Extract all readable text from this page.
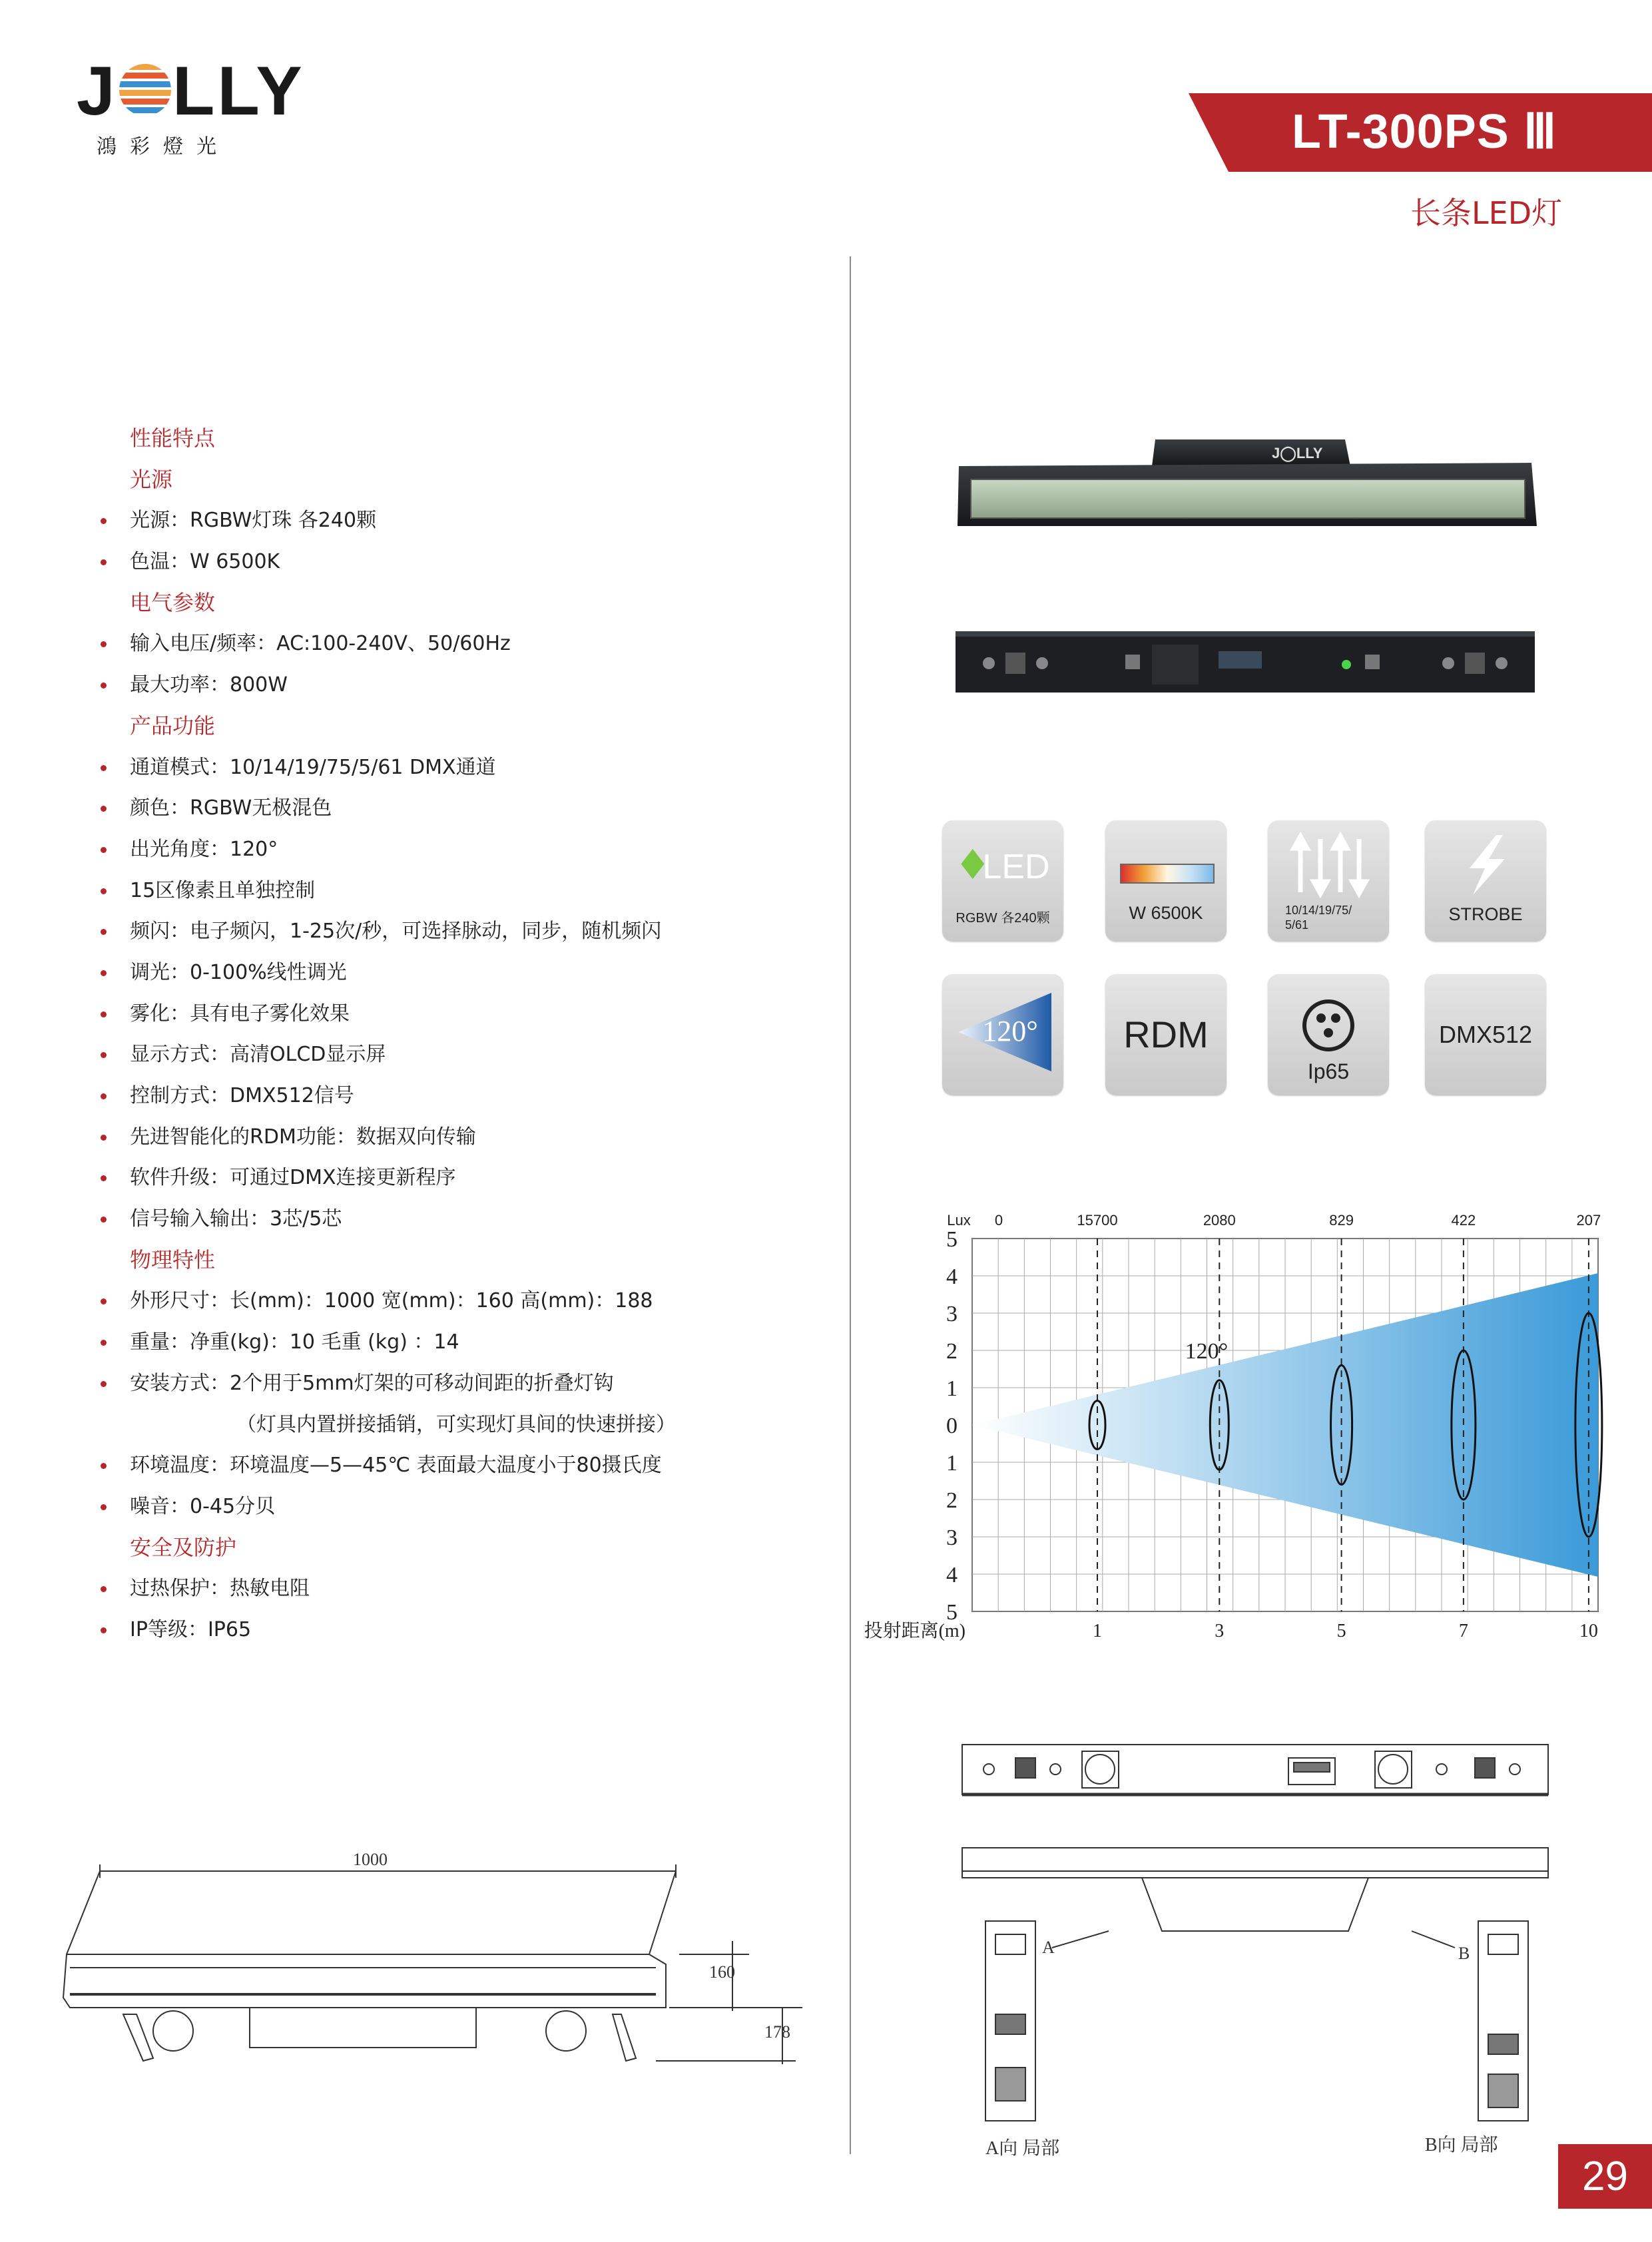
J LLY
鴻彩燈光	LT-300PS Ⅲ
长条LED灯
性能特点
光源
光源：RGBW灯珠 各240颗
色温：W 6500K
电气参数
输入电压/频率：AC:100-240V、50/60Hz
最大功率：800W
产品功能
通道模式：10/14/19/75/5/61 DMX通道
颜色：RGBW无极混色
出光角度：120°
15区像素且单独控制
频闪：电子频闪，1-25次/秒，可选择脉动，同步，随机频闪
调光：0-100%线性调光
雾化：具有电子雾化效果
显示方式：高清OLCD显示屏
控制方式：DMX512信号
先进智能化的RDM功能：数据双向传输
软件升级：可通过DMX连接更新程序
信号输入输出：3芯/5芯
物理特性
外形尺寸：长(mm)：1000 宽(mm)：160 高(mm)：188
重量：净重(kg)：10 毛重 (kg) ：14
安装方式：2个用于5mm灯架的可移动间距的折叠灯钩
（灯具内置拼接插销，可实现灯具间的快速拼接）
环境温度：环境温度—5—45℃ 表面最大温度小于80摄氏度
噪音：0-45分贝
安全及防护
过热保护：热敏电阻
IP等级：IP65
J◯LLY
♦
LED
RGBW 各240颗	W 6500K	10/14/19/75/ 5/61
STROBE
120°	RDM
Ip65
DMX512
5
4
3
2
1
0
1
2
3
4
5
1	3	5	7	10
Lux 0	15700	2080	829	422	207
投射距离(m)
120°
A	B
A向 局部	B向 局部
1000
160
178
29
